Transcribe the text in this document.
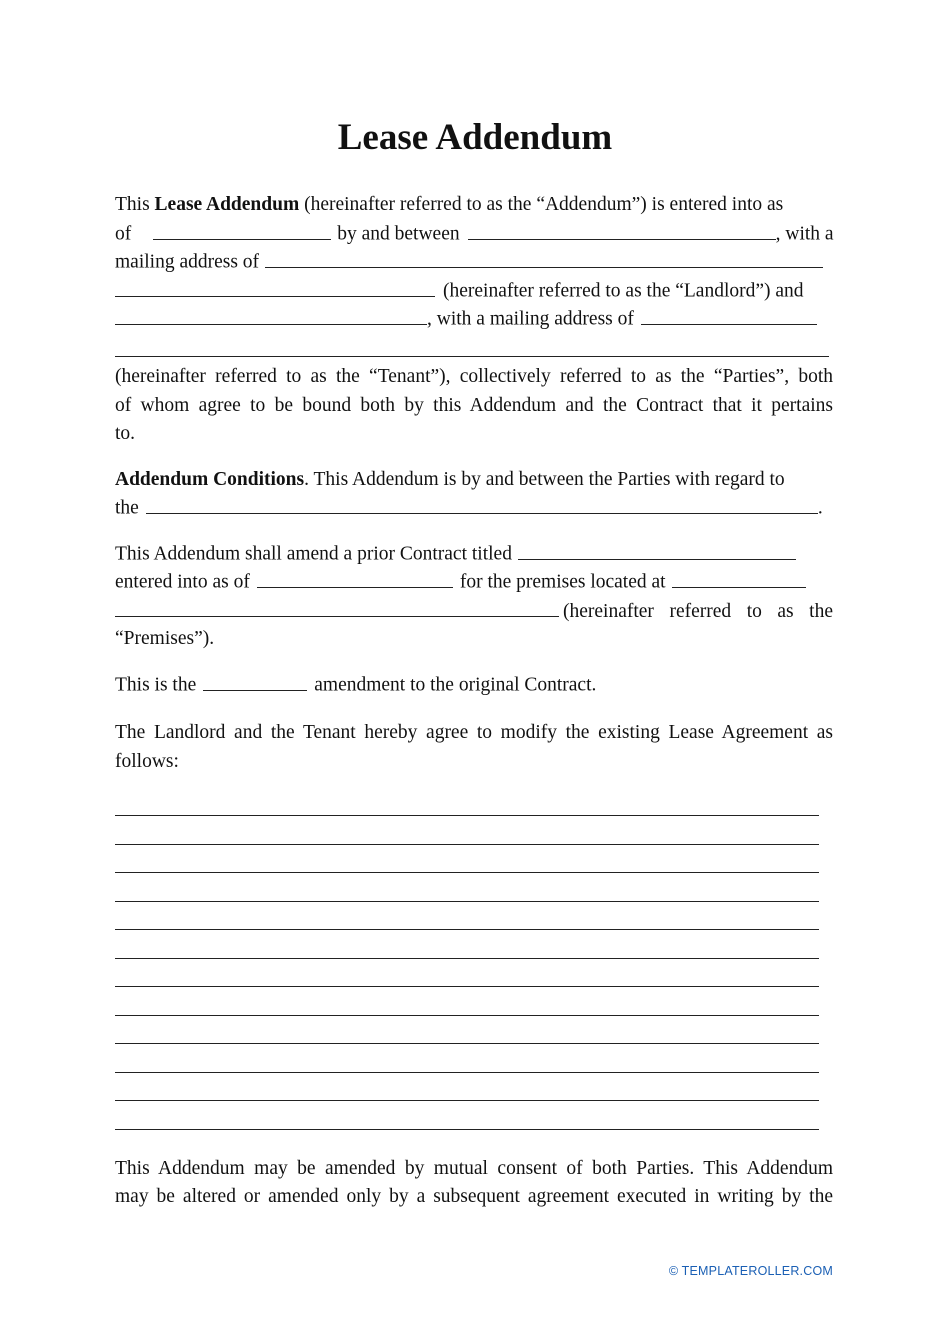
Lease Addendum
This Lease Addendum (hereinafter referred to as the “Addendum”) is entered into as
of	by and between	, with a
mailing address of
(hereinafter referred to as the “Landlord”) and
, with a mailing address of
(hereinafter referred to as the “Tenant”), collectively referred to as the “Parties”, both
of whom agree to be bound both by this Addendum and the Contract that it pertains
to.
Addendum Conditions. This Addendum is by and between the Parties with regard to
the	.
This Addendum shall amend a prior Contract titled
entered into as of	for the premises located at
(hereinafter referred to as the
“Premises”).
This is the	amendment to the original Contract.
The Landlord and the Tenant hereby agree to modify the existing Lease Agreement as
follows:
This Addendum may be amended by mutual consent of both Parties. This Addendum
may be altered or amended only by a subsequent agreement executed in writing by the
© TEMPLATEROLLER.COM
